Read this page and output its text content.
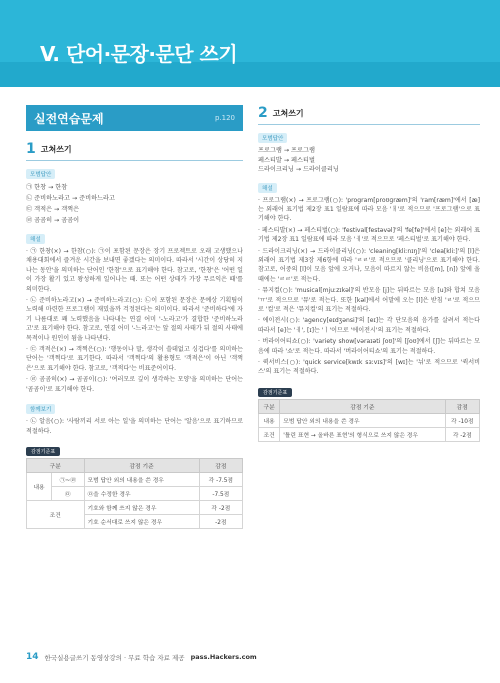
V. 단어·문장·문단 쓰기
실전연습문제	p.120
1 고쳐쓰기
모범답안
㉠ 한창 → 한참
㉡ 준비하노라고 → 준비하느라고
㉢ 객적은 → 객쩍은
㉣ 곰곰히 → 곰곰이
해설
· ㉠ 한창(×) → 한참(○): ㉠이 포함된 문장은 장기 프로젝트로 오래 고생했으나 채용대회에서 즐겨운 시간을 보내면 좋겠다는 의미이다. 따라서 '시간이 상당히 지나는 동안'을 의미하는 단어인 '한참'으로 표기해야 한다. 참고로, '한창'은 '어떤 일이 가장 활기 있고 왕성하게 일어나는 때. 또는 어떤 상태가 가장 무르익은 때'를 의미한다.
· ㉡ 준비하노라고(×) → 준비하느라고(○): ㉡이 포함된 문장은 문예상 기획팀이 노력해 마련한 프로그램이 재밌을까 걱정된다는 의미이다. 따라서 '준비하다'에 자기 나름대로 꽤 노력했음을 나타내는 연결 어미 '-노라고'가 결합한 '준비하노라고'로 표기해야 한다. 참고로, 연결 어미 '-느라고'는 앞 절의 사태가 뒤 절의 사태에 목적이나 원인이 됨을 나타낸다.
· ㉢ 객적은(×) → 객쩍은(○): '행동이나 말, 생각이 쓸데없고 싱겁다'를 의미하는 단어는 '객쩍다'로 표기한다. 따라서 '객쩍다'의 활용형도 '객적은'이 아닌 '객쩍은'으로 표기해야 한다. 참고로, '객적다'는 비표준어이다.
· ㉣ 곰곰히(×) → 곰곰이(○): '여러모로 깊이 생각하는 모양'을 의미하는 단어는 '곰곰이'로 표기해야 한다.
함께보기
· ㉡ 알음(○): '사람끼리 서로 아는 일'을 의미하는 단어는 '알음'으로 표기하므로 적절하다.
감점기준표
구분		감점 기준	감점
내용	㉠~㉣	모범 답안 외의 내용을 쓴 경우	각 -7.5점
	㉤	㉤을 수정한 경우	-7.5점
조건		기호와 함께 쓰지 않은 경우	각 -2점
		기호 순서대로 쓰지 않은 경우	-2점
2 고쳐쓰기
모범답안
프로그램 → 프로그램
페스티발 → 페스티벌
드라이크리닝 → 드라이클리닝
해설
· 프로그램(×) → 프로그램(○): 'program[proʊɡræm]'의 'ram[ræm]'에서 [æ]는 외래어 표기법 제2장 표1 일람표에 따라 모음 'ㅐ'로 적으므로 '프로그램'으로 표기해야 한다.
· 페스티발(×) → 페스티벌(○): 'festival[festəvəl]'의 'fe[fe]'에서 [e]는 외래어 표기법 제2장 표1 일람표에 따라 모음 'ㅔ'로 적으므로 '페스티벌'로 표기해야 한다.
· 드라이크리닝(×) → 드라이클리닝(○): 'cleaning[kliːnɪŋ]'의 'clea[kliː]'의 [l]은 외래어 표기법 제3장 제6항에 따라 'ㄹㄹ'로 적으므로 '클리닝'으로 표기해야 한다. 참고로, 어중의 [l]이 모음 앞에 오거나, 모음이 따르지 않는 비음([m], [n]) 앞에 올 때에는 'ㄹㄹ'로 적는다.
· 뮤지컬(○): 'musical[mjuːzɪkəl]'의 반모음 [j]는 뒤따르는 모음 [u]와 합쳐 모음 'ㅠ'로 적으므로 '뮤'로 적는다. 또한 [kəl]에서 어말에 오는 [l]은 받침 'ㄹ'로 적으므로 '컬'로 적은 '뮤지컬'의 표기는 적절하다.
· 에이전시(○): 'agency[eɪdʒənsi]'의 [eɪ]는 각 단모음의 음가를 살려서 적는다 따라서 [e]는 'ㅔ', [ɪ]는 'ㅣ'이므로 '에이전시'의 표기는 적절하다.
· 버라이어티쇼(○): 'variety show[vəraɪəti ʃoʊ]'의 [ʃoʊ]에서 [ʃ]는 뒤따르는 모음에 따라 '쇼'로 적는다. 따라서 '버라이어티쇼'의 표기는 적절하다.
· 퀵서비스(○): 'quick service[kwɪk sɜːvɪs]'의 [wɪ]는 '뉘'로 적으므로 '퀵서비스'의 표기는 적절하다.
감점기준표
구분	감점 기준	감점
내용	모범 답안 외의 내용을 쓴 경우	각 -10점
조건	'틀린 표현 → 올바른 표현'의 형식으로 쓰지 않은 경우	각 -2점
14 한국실용글쓰기 동영상강의 · 무료 학습 자료 제공 pass.Hackers.com
